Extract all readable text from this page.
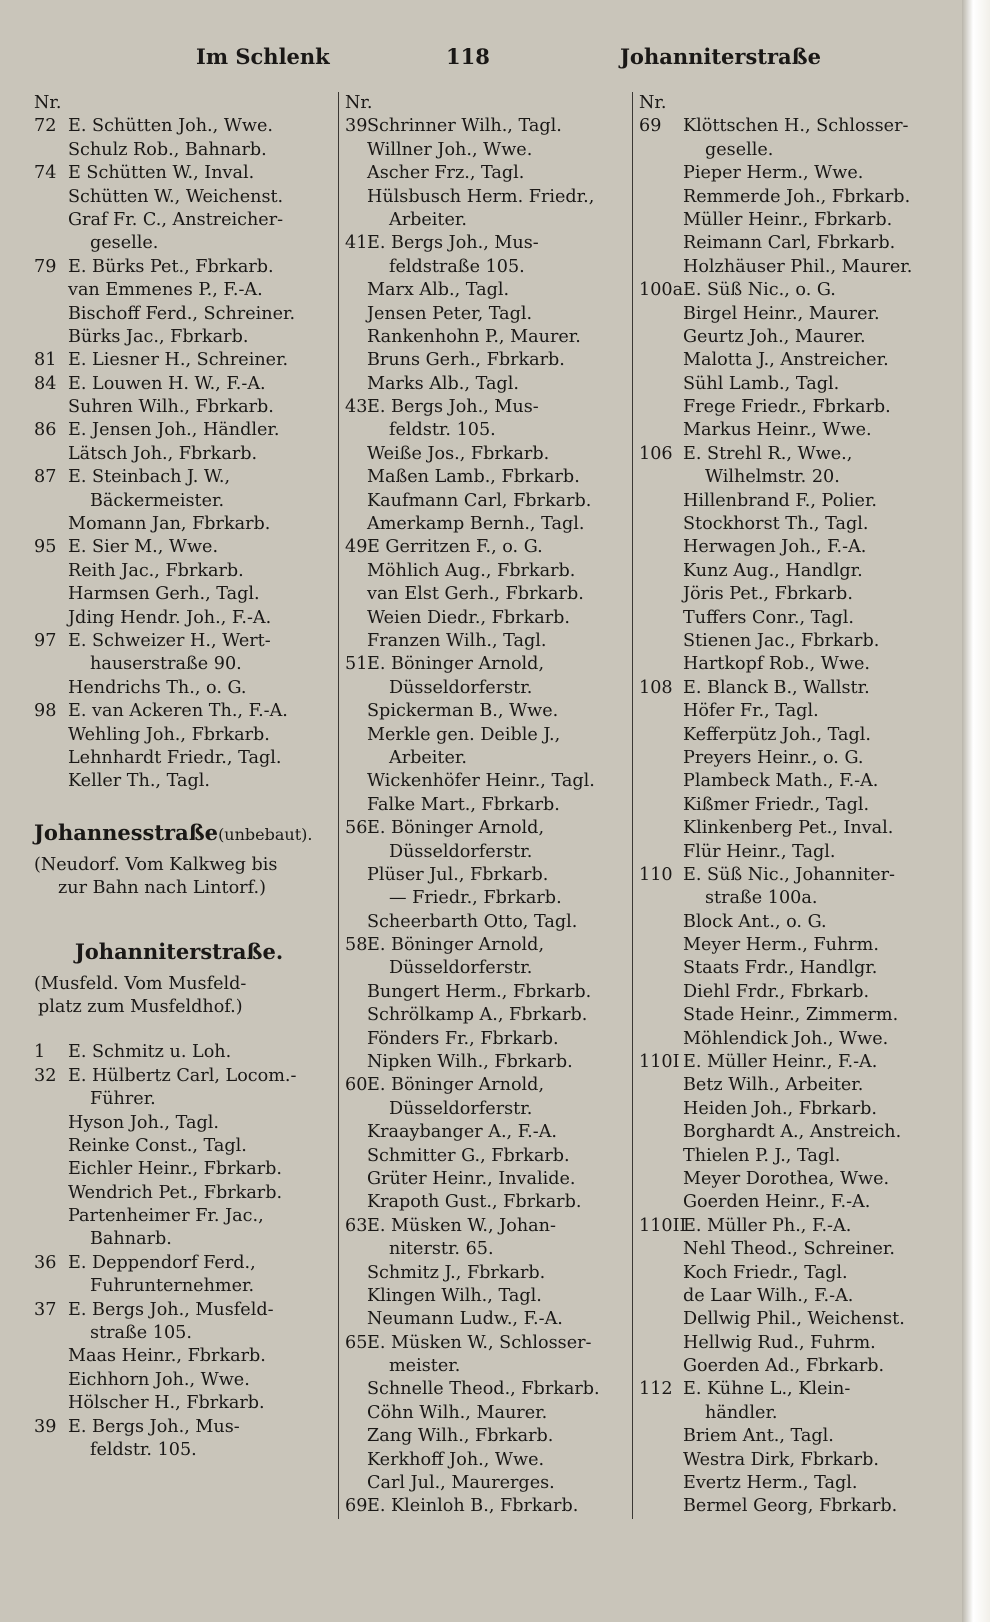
Im Schlenk	118	Johanniterstraße
Nr.
72 E. Schütten Joh., Wwe.
Schulz Rob., Bahnarb.
74 E Schütten W., Inval.
Schütten W., Weichenst.
Graf Fr. C., Anstreicher-
geselle.
79 E. Bürks Pet., Fbrkarb.
van Emmenes P., F.-A.
Bischoff Ferd., Schreiner.
Bürks Jac., Fbrkarb.
81 E. Liesner H., Schreiner.
84 E. Louwen H. W., F.-A.
Suhren Wilh., Fbrkarb.
86 E. Jensen Joh., Händler.
Lätsch Joh., Fbrkarb.
87 E. Steinbach J. W.,
Bäckermeister.
Momann Jan, Fbrkarb.
95 E. Sier M., Wwe.
Reith Jac., Fbrkarb.
Harmsen Gerh., Tagl.
Jding Hendr. Joh., F.-A.
97 E. Schweizer H., Wert-
hauserstraße 90.
Hendrichs Th., o. G.
98 E. van Ackeren Th., F.-A.
Wehling Joh., Fbrkarb.
Lehnhardt Friedr., Tagl.
Keller Th., Tagl.
Johannesstraße(unbebaut).
(Neudorf. Vom Kalkweg bis
zur Bahn nach Lintorf.)
Johanniterstraße.
(Musfeld. Vom Musfeld-
platz zum Musfeldhof.)
1 E. Schmitz u. Loh.
32 E. Hülbertz Carl, Locom.-
Führer.
Hyson Joh., Tagl.
Reinke Const., Tagl.
Eichler Heinr., Fbrkarb.
Wendrich Pet., Fbrkarb.
Partenheimer Fr. Jac.,
Bahnarb.
36 E. Deppendorf Ferd.,
Fuhrunternehmer.
37 E. Bergs Joh., Musfeld-
straße 105.
Maas Heinr., Fbrkarb.
Eichhorn Joh., Wwe.
Hölscher H., Fbrkarb.
39 E. Bergs Joh., Mus-
feldstr. 105.
Nr.
39 Schrinner Wilh., Tagl.
Willner Joh., Wwe.
Ascher Frz., Tagl.
Hülsbusch Herm. Friedr.,
Arbeiter.
41 E. Bergs Joh., Mus-
feldstraße 105.
Marx Alb., Tagl.
Jensen Peter, Tagl.
Rankenhohn P., Maurer.
Bruns Gerh., Fbrkarb.
Marks Alb., Tagl.
43 E. Bergs Joh., Mus-
feldstr. 105.
Weiße Jos., Fbrkarb.
Maßen Lamb., Fbrkarb.
Kaufmann Carl, Fbrkarb.
Amerkamp Bernh., Tagl.
49 E Gerritzen F., o. G.
Möhlich Aug., Fbrkarb.
van Elst Gerh., Fbrkarb.
Weien Diedr., Fbrkarb.
Franzen Wilh., Tagl.
51 E. Böninger Arnold,
Düsseldorferstr.
Spickerman B., Wwe.
Merkle gen. Deible J.,
Arbeiter.
Wickenhöfer Heinr., Tagl.
Falke Mart., Fbrkarb.
56 E. Böninger Arnold,
Düsseldorferstr.
Plüser Jul., Fbrkarb.
— Friedr., Fbrkarb.
Scheerbarth Otto, Tagl.
58 E. Böninger Arnold,
Düsseldorferstr.
Bungert Herm., Fbrkarb.
Schrölkamp A., Fbrkarb.
Fönders Fr., Fbrkarb.
Nipken Wilh., Fbrkarb.
60 E. Böninger Arnold,
Düsseldorferstr.
Kraaybanger A., F.-A.
Schmitter G., Fbrkarb.
Grüter Heinr., Invalide.
Krapoth Gust., Fbrkarb.
63 E. Müsken W., Johan-
niterstr. 65.
Schmitz J., Fbrkarb.
Klingen Wilh., Tagl.
Neumann Ludw., F.-A.
65 E. Müsken W., Schlosser-
meister.
Schnelle Theod., Fbrkarb.
Cöhn Wilh., Maurer.
Zang Wilh., Fbrkarb.
Kerkhoff Joh., Wwe.
Carl Jul., Maurerges.
69 E. Kleinloh B., Fbrkarb.
Nr.
69 Klöttschen H., Schlosser-
geselle.
Pieper Herm., Wwe.
Remmerde Joh., Fbrkarb.
Müller Heinr., Fbrkarb.
Reimann Carl, Fbrkarb.
Holzhäuser Phil., Maurer.
100a E. Süß Nic., o. G.
Birgel Heinr., Maurer.
Geurtz Joh., Maurer.
Malotta J., Anstreicher.
Sühl Lamb., Tagl.
Frege Friedr., Fbrkarb.
Markus Heinr., Wwe.
106 E. Strehl R., Wwe.,
Wilhelmstr. 20.
Hillenbrand F., Polier.
Stockhorst Th., Tagl.
Herwagen Joh., F.-A.
Kunz Aug., Handlgr.
Jöris Pet., Fbrkarb.
Tuffers Conr., Tagl.
Stienen Jac., Fbrkarb.
Hartkopf Rob., Wwe.
108 E. Blanck B., Wallstr.
Höfer Fr., Tagl.
Kefferpütz Joh., Tagl.
Preyers Heinr., o. G.
Plambeck Math., F.-A.
Kißmer Friedr., Tagl.
Klinkenberg Pet., Inval.
Flür Heinr., Tagl.
110 E. Süß Nic., Johanniter-
straße 100a.
Block Ant., o. G.
Meyer Herm., Fuhrm.
Staats Frdr., Handlgr.
Diehl Frdr., Fbrkarb.
Stade Heinr., Zimmerm.
Möhlendick Joh., Wwe.
110I E. Müller Heinr., F.-A.
Betz Wilh., Arbeiter.
Heiden Joh., Fbrkarb.
Borghardt A., Anstreich.
Thielen P. J., Tagl.
Meyer Dorothea, Wwe.
Goerden Heinr., F.-A.
110II
E. Müller Ph., F.-A.
Nehl Theod., Schreiner.
Koch Friedr., Tagl.
de Laar Wilh., F.-A.
Dellwig Phil., Weichenst.
Hellwig Rud., Fuhrm.
Goerden Ad., Fbrkarb.
112 E. Kühne L., Klein-
händler.
Briem Ant., Tagl.
Westra Dirk, Fbrkarb.
Evertz Herm., Tagl.
Bermel Georg, Fbrkarb.
